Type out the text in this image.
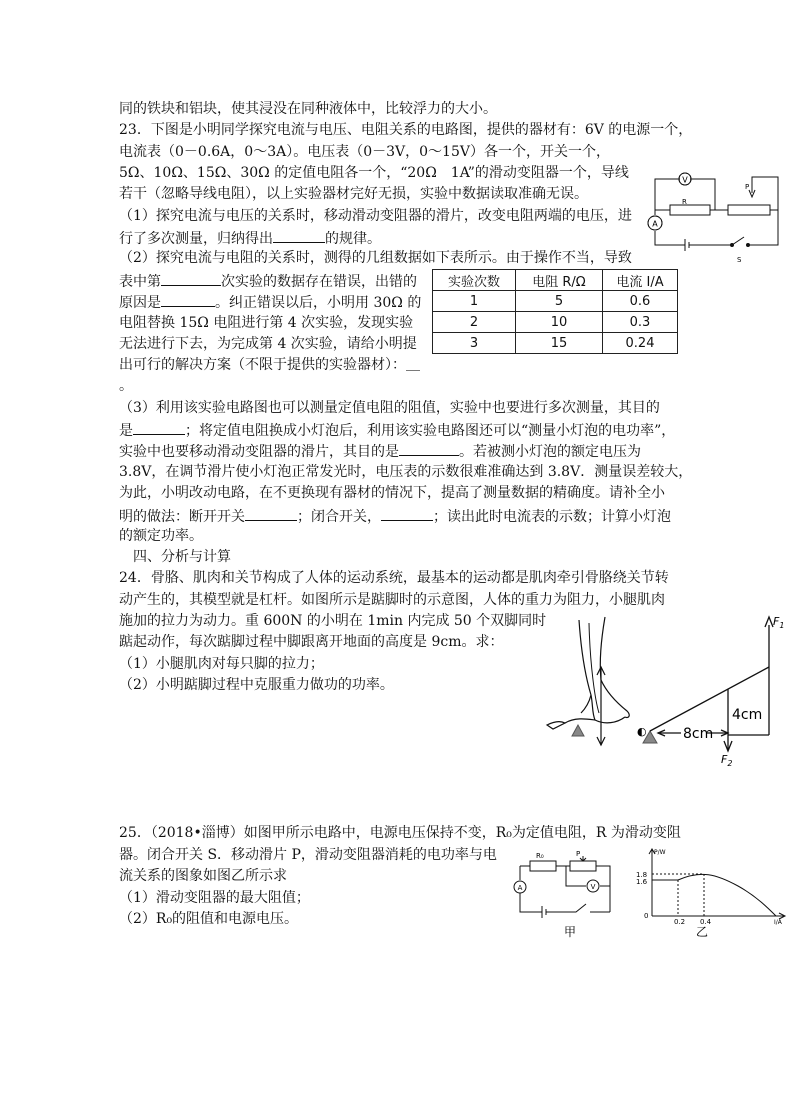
同的铁块和铝块，使其浸没在同种液体中，比较浮力的大小。
23．下图是小明同学探究电流与电压、电阻关系的电路图，提供的器材有：6V 的电源一个，
电流表（0－0.6A，0～3A）。电压表（0－3V，0～15V）各一个，开关一个，
5Ω、10Ω、15Ω、30Ω 的定值电阻各一个，“20Ω　1A”的滑动变阻器一个，导线
若干（忽略导线电阻），以上实验器材完好无损，实验中数据读取准确无误。
（1）探究电流与电压的关系时，移动滑动变阻器的滑片，改变电阻两端的电压，进
行了多次测量，归纳得出	的规律。
（2）探究电流与电阻的关系时，测得的几组数据如下表所示。由于操作不当，导致
表中第	次实验的数据存在错误，出错的
原因是	。纠正错误以后，小明用 30Ω 的
电阻替换 15Ω 电阻进行第 4 次实验，发现实验
无法进行下去，为完成第 4 次实验，请给小明提
出可行的解决方案（不限于提供的实验器材）：＿
。
（3）利用该实验电路图也可以测量定值电阻的阻值，实验中也要进行多次测量，其目的
是	；将定值电阻换成小灯泡后，利用该实验电路图还可以“测量小灯泡的电功率”，
实验中也要移动滑动变阻器的滑片，其目的是	。若被测小灯泡的额定电压为
3.8V，在调节滑片使小灯泡正常发光时，电压表的示数很难准确达到 3.8V．测量误差较大，
为此，小明改动电路，在不更换现有器材的情况下，提高了测量数据的精确度。请补全小
明的做法：断开开关	；闭合开关，	；读出此时电流表的示数；计算小灯泡
的额定功率。
四、分析与计算
24．骨胳、肌肉和关节构成了人体的运动系统，最基本的运动都是肌肉牵引骨胳绕关节转
动产生的，其模型就是杠杆。如图所示是踮脚时的示意图，人体的重力为阻力，小腿肌肉
施加的拉力为动力。重 600N 的小明在 1min 内完成 50 个双脚同时
踮起动作，每次踮脚过程中脚跟离开地面的高度是 9cm。求：
（1）小腿肌肉对每只脚的拉力；
（2）小明踮脚过程中克服重力做功的功率。
25．（2018•淄博）如图甲所示电路中，电源电压保持不变，R₀为定值电阻，R 为滑动变阻
器。闭合开关 S．移动滑片 P，滑动变阻器消耗的电功率与电
流关系的图象如图乙所示求
（1）滑动变阻器的最大阻值；
（2）R₀的阻值和电源电压。
实验次数	电阻 R/Ω	电流 I/A
1	5	0.6
2	10	0.3
3	15	0.24
V
A
R
P
S
◐	8cm
4cm
$F_1$
$F_2$
V
A
R₀	P
甲
P/W
1.8
1.6
0
0.2 0.4	I/A
乙
